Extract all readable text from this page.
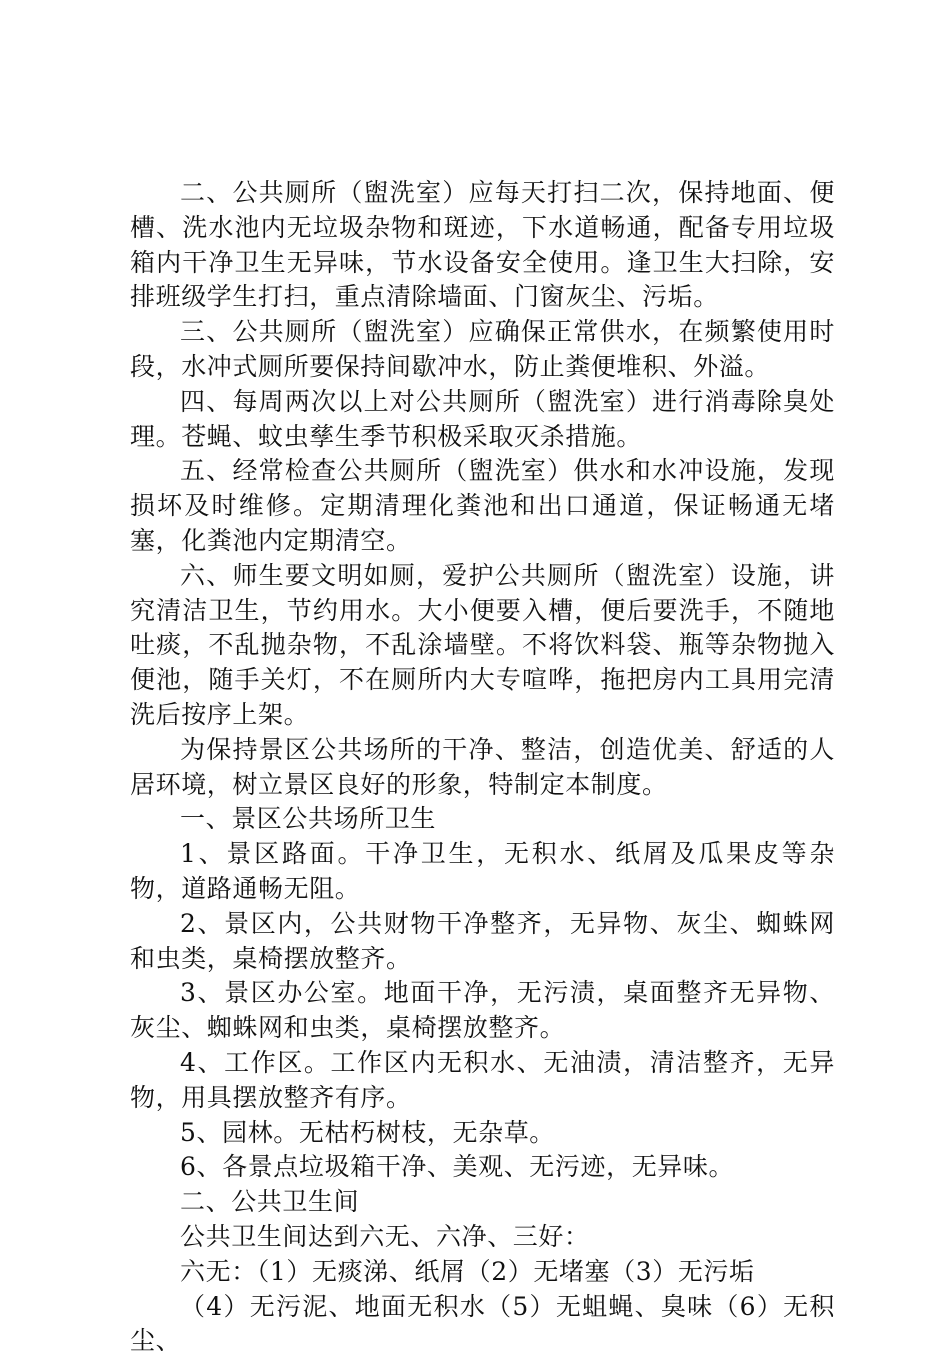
二、公共厕所（盥洗室）应每天打扫二次，保持地面、便槽、洗水池内无垃圾杂物和斑迹，下水道畅通，配备专用垃圾箱内干净卫生无异味，节水设备安全使用。逢卫生大扫除，安排班级学生打扫，重点清除墙面、门窗灰尘、污垢。

三、公共厕所（盥洗室）应确保正常供水，在频繁使用时段，水冲式厕所要保持间歇冲水，防止粪便堆积、外溢。

四、每周两次以上对公共厕所（盥洗室）进行消毒除臭处理。苍蝇、蚊虫孳生季节积极采取灭杀措施。

五、经常检查公共厕所（盥洗室）供水和水冲设施，发现损坏及时维修。定期清理化粪池和出口通道，保证畅通无堵塞，化粪池内定期清空。

六、师生要文明如厕，爱护公共厕所（盥洗室）设施，讲究清洁卫生，节约用水。大小便要入槽，便后要洗手，不随地吐痰，不乱抛杂物，不乱涂墙壁。不将饮料袋、瓶等杂物抛入便池，随手关灯，不在厕所内大专喧哗，拖把房内工具用完清洗后按序上架。

为保持景区公共场所的干净、整洁，创造优美、舒适的人居环境，树立景区良好的形象，特制定本制度。

一、景区公共场所卫生

1、景区路面。干净卫生，无积水、纸屑及瓜果皮等杂物，道路通畅无阻。

2、景区内，公共财物干净整齐，无异物、灰尘、蜘蛛网和虫类，桌椅摆放整齐。

3、景区办公室。地面干净，无污渍，桌面整齐无异物、灰尘、蜘蛛网和虫类，桌椅摆放整齐。

4、工作区。工作区内无积水、无油渍，清洁整齐，无异物，用具摆放整齐有序。

5、园林。无枯朽树枝，无杂草。

6、各景点垃圾箱干净、美观、无污迹，无异味。

二、公共卫生间

公共卫生间达到六无、六净、三好：

六无：（1）无痰涕、纸屑（2）无堵塞（3）无污垢

（4）无污泥、地面无积水（5）无蛆蝇、臭味（6）无积尘、
